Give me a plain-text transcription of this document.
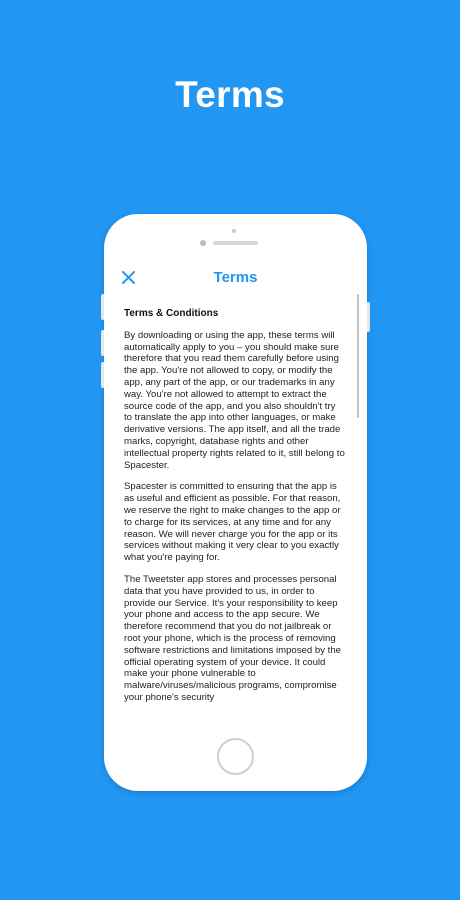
Terms
Terms
Terms & Conditions

By downloading or using the app, these terms will automatically apply to you – you should make sure therefore that you read them carefully before using the app. You're not allowed to copy, or modify the app, any part of the app, or our trademarks in any way. You're not allowed to attempt to extract the source code of the app, and you also shouldn't try to translate the app into other languages, or make derivative versions. The app itself, and all the trade marks, copyright, database rights and other intellectual property rights related to it, still belong to Spacester.

Spacester is committed to ensuring that the app is as useful and efficient as possible. For that reason, we reserve the right to make changes to the app or to charge for its services, at any time and for any reason. We will never charge you for the app or its services without making it very clear to you exactly what you're paying for.

The Tweetster app stores and processes personal data that you have provided to us, in order to provide our Service. It's your responsibility to keep your phone and access to the app secure. We therefore recommend that you do not jailbreak or root your phone, which is the process of removing software restrictions and limitations imposed by the official operating system of your device. It could make your phone vulnerable to malware/viruses/malicious programs, compromise your phone's security
